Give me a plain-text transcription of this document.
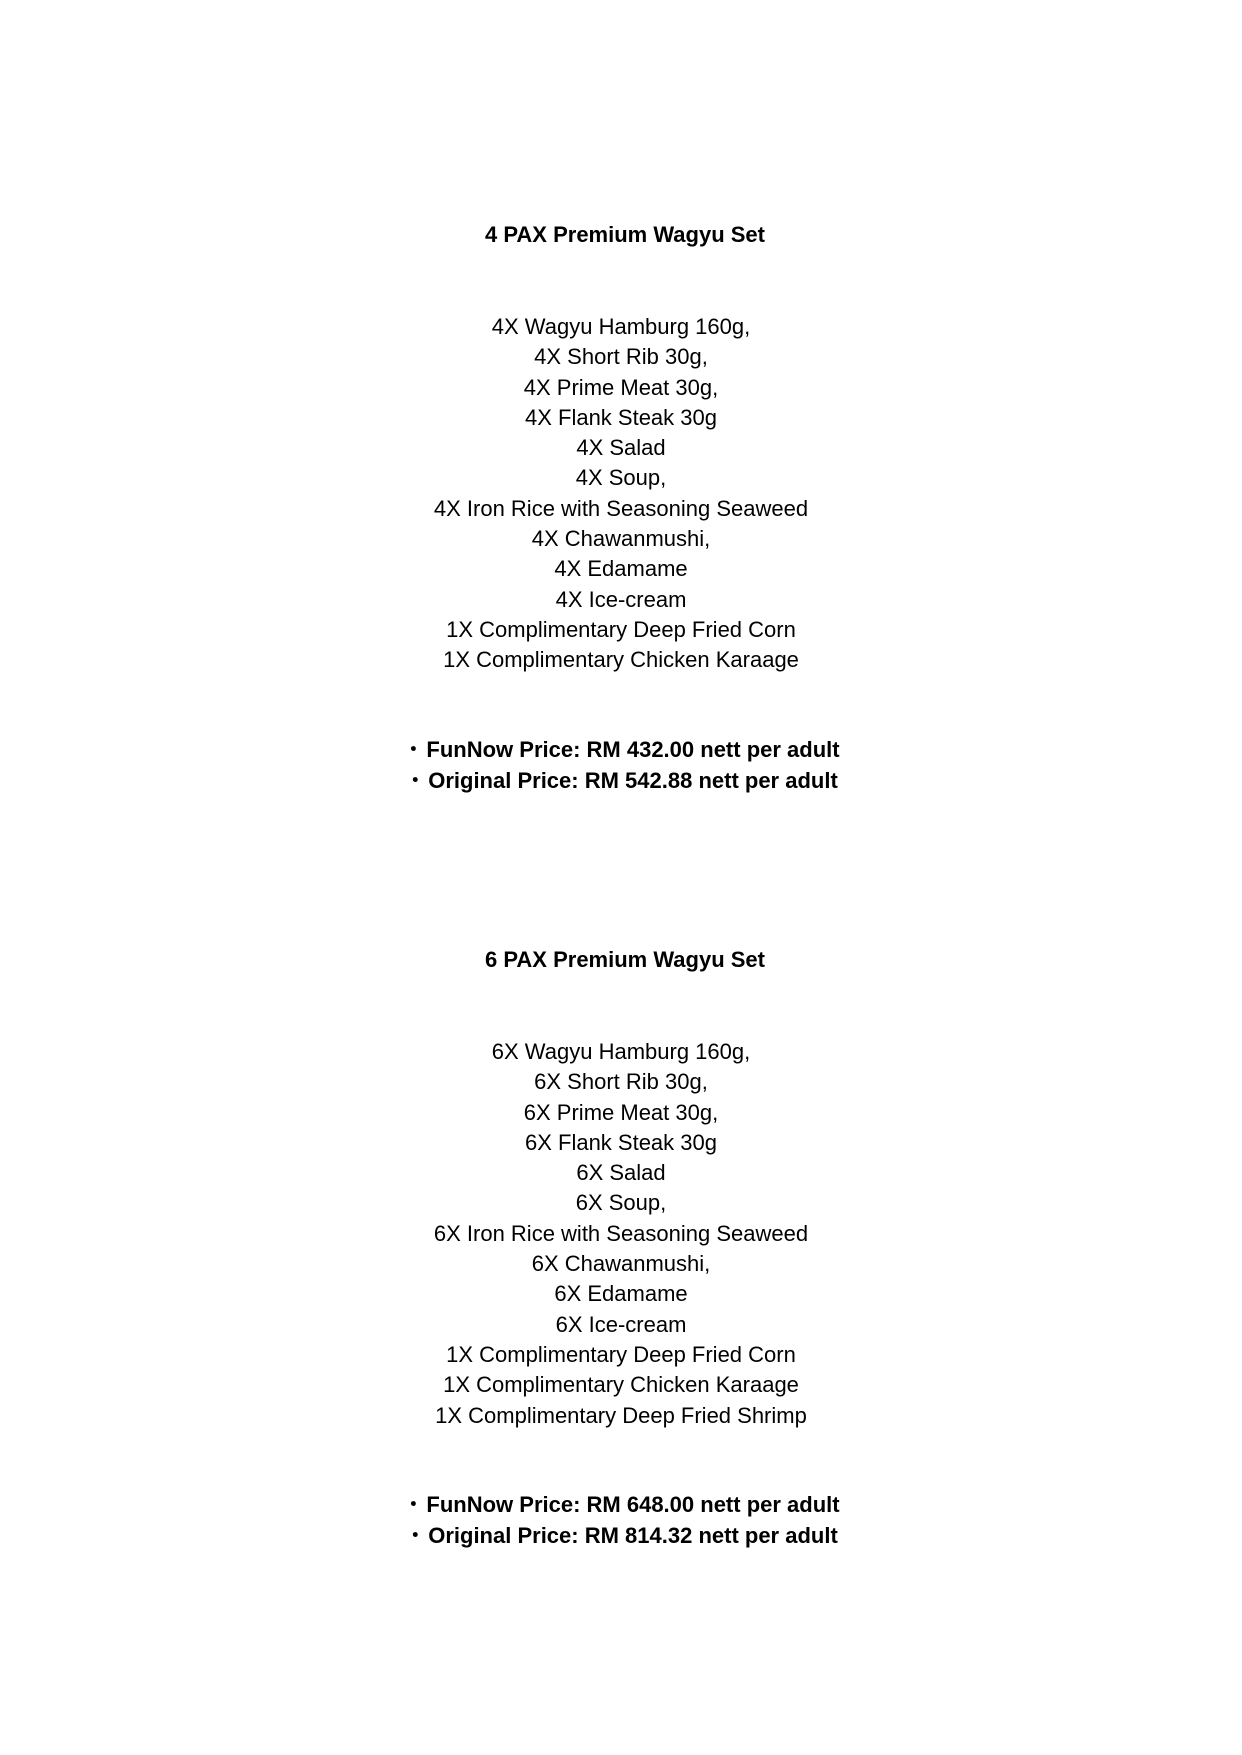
4 PAX Premium Wagyu Set
4X Wagyu Hamburg 160g,
4X Short Rib 30g,
4X Prime Meat 30g,
4X Flank Steak 30g
4X Salad
4X Soup,
4X Iron Rice with Seasoning Seaweed
4X Chawanmushi,
4X Edamame
4X Ice-cream
1X Complimentary Deep Fried Corn
1X Complimentary Chicken Karaage
・FunNow Price: RM 432.00 nett per adult
・Original Price: RM 542.88 nett per adult
6 PAX Premium Wagyu Set
6X Wagyu Hamburg 160g,
6X Short Rib 30g,
6X Prime Meat 30g,
6X Flank Steak 30g
6X Salad
6X Soup,
6X Iron Rice with Seasoning Seaweed
6X Chawanmushi,
6X Edamame
6X Ice-cream
1X Complimentary Deep Fried Corn
1X Complimentary Chicken Karaage
1X Complimentary Deep Fried Shrimp
・FunNow Price: RM 648.00 nett per adult
・Original Price: RM 814.32 nett per adult
